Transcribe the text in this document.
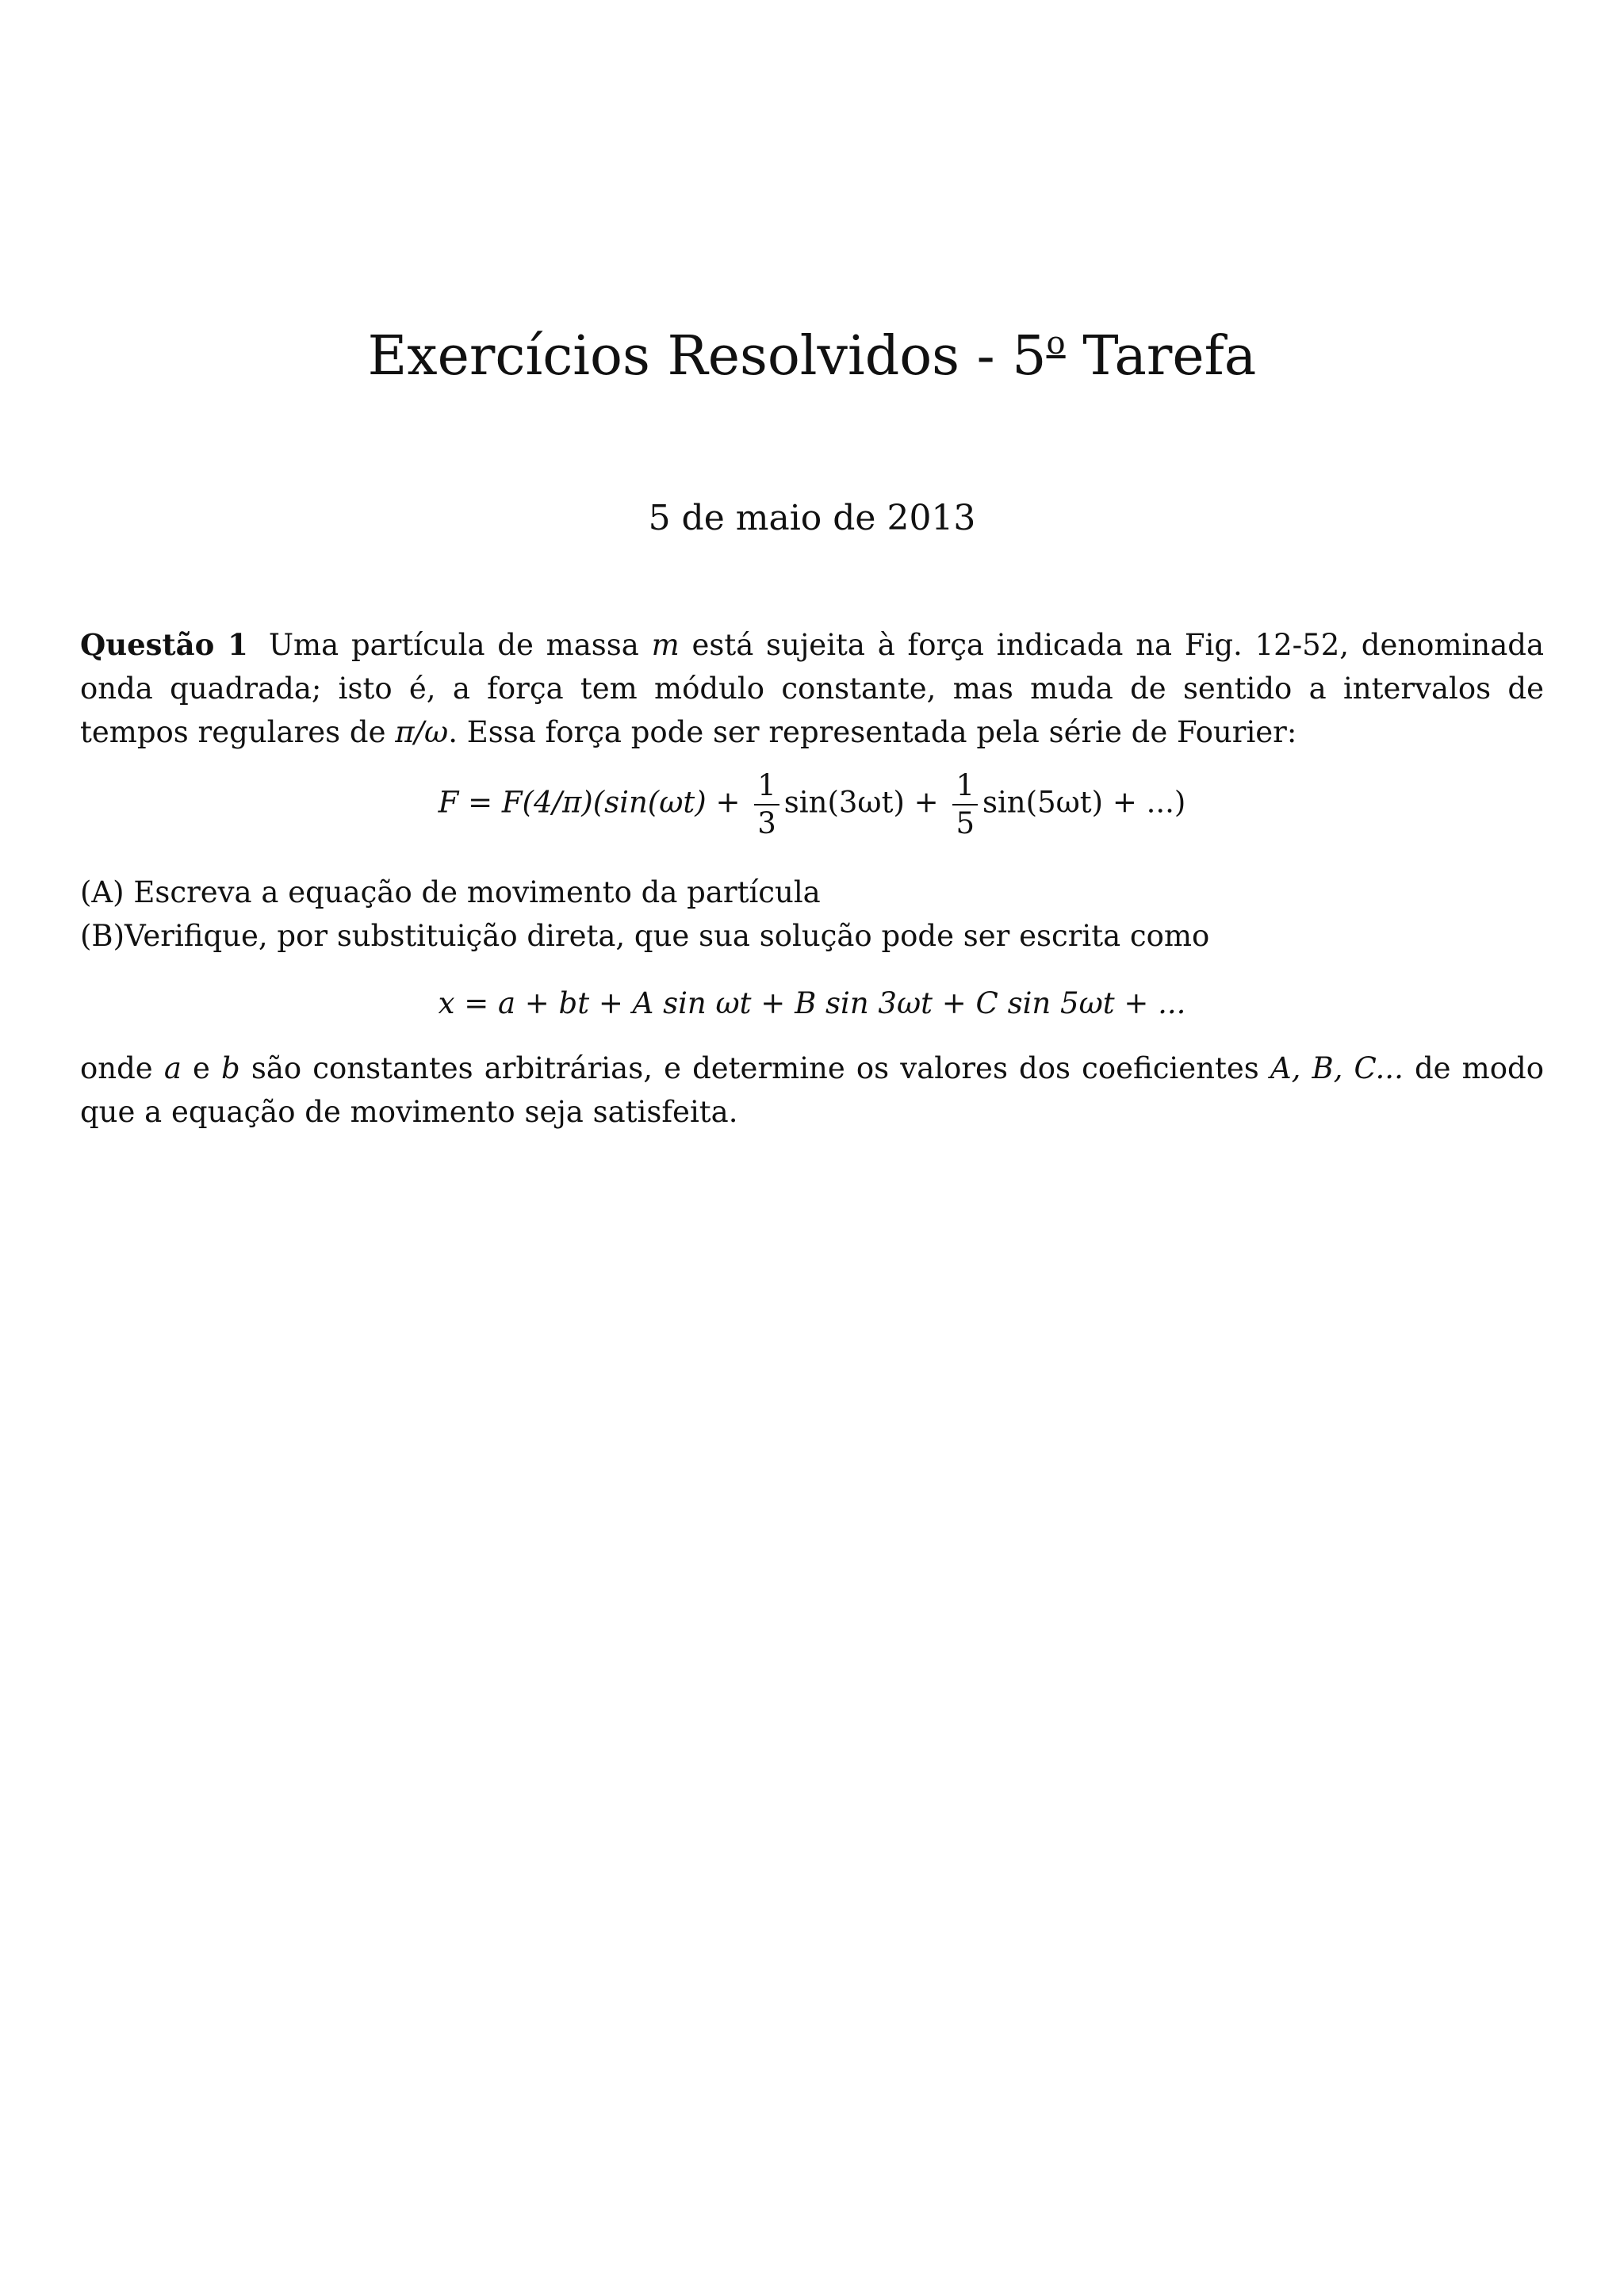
Exercícios Resolvidos - 5$^o$ Tarefa
5 de maio de 2013
Questão 1 Uma partícula de massa m está sujeita à força indicada na Fig. 12-52, denominada onda quadrada; isto é, a força tem módulo constante, mas muda de sentido a intervalos de tempos regulares de π/ω. Essa força pode ser representada pela série de Fourier:
$F = F(4/\pi)(\sin(\omega t) + \frac{1}{3} \sin(3\omega t) + \frac{1}{5} \sin(5\omega t)$ + ...)
(A) Escreva a equação de movimento da partícula
(B)Verifique, por substituição direta, que sua solução pode ser escrita como
x = a + bt + A sin ωt + B sin 3ωt + C sin 5ωt + ...
onde a e b são constantes arbitrárias, e determine os valores dos coeficientes A, B, C... de modo que a equação de movimento seja satisfeita.
